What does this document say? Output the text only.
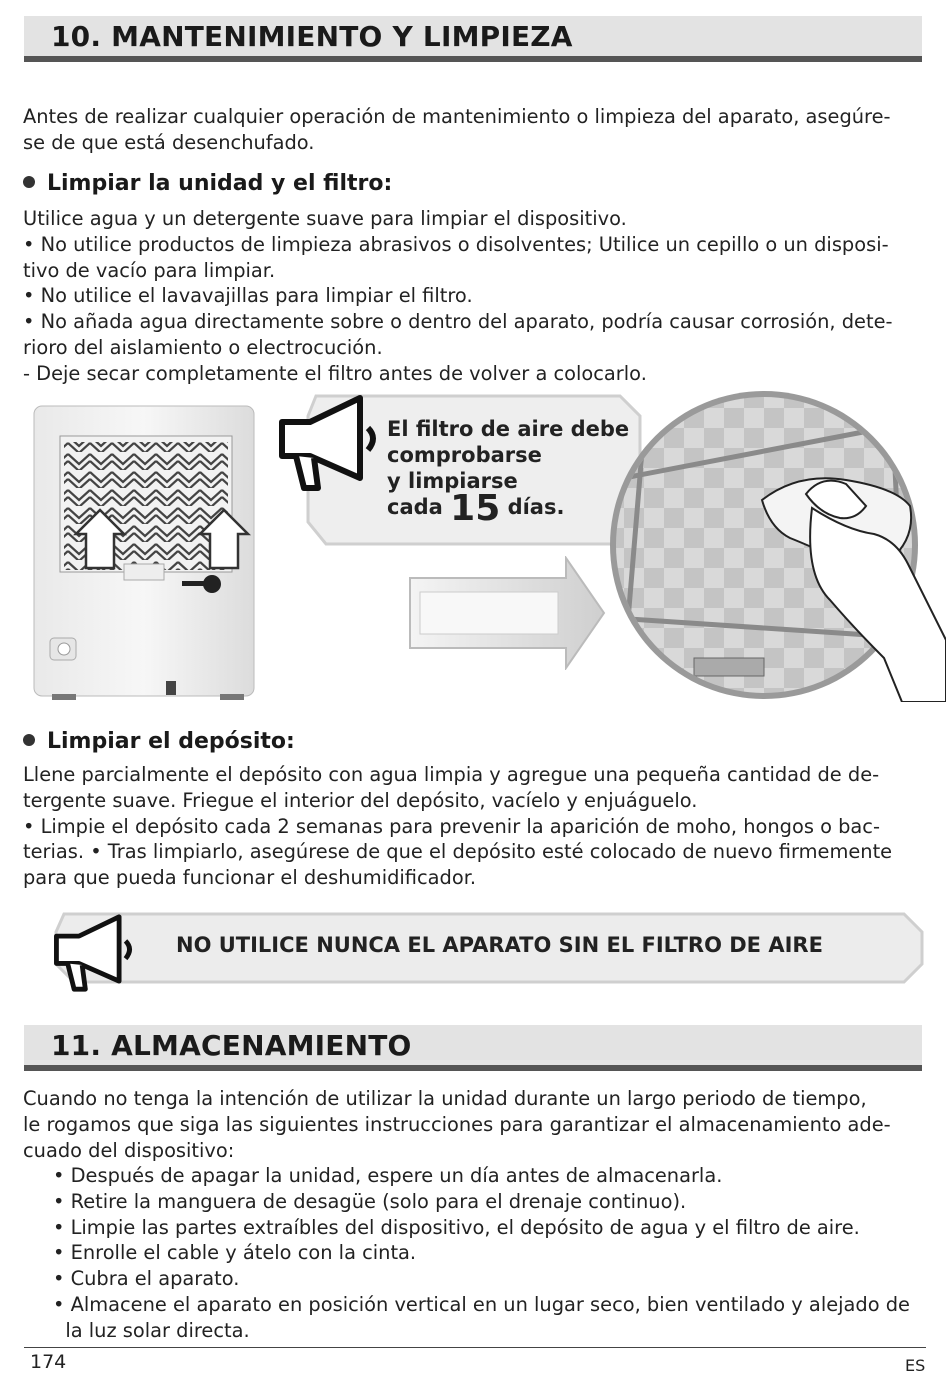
10. MANTENIMIENTO Y LIMPIEZA
Antes de realizar cualquier operación de mantenimiento o limpieza del aparato, asegúre-
se de que está desenchufado.
Limpiar la unidad y el filtro:
Utilice agua y un detergente suave para limpiar el dispositivo.
• No utilice productos de limpieza abrasivos o disolventes; Utilice un cepillo o un disposi-
tivo de vacío para limpiar.
• No utilice el lavavajillas para limpiar el filtro.
• No añada agua directamente sobre o dentro del aparato, podría causar corrosión, dete-
rioro del aislamiento o electrocución.
- Deje secar completamente el filtro antes de volver a colocarlo.
El filtro de aire debe
comprobarse
y limpiarse
cada 15 días.
Limpiar el depósito:
Llene parcialmente el depósito con agua limpia y agregue una pequeña cantidad de de-
tergente suave. Friegue el interior del depósito, vacíelo y enjuáguelo.
• Limpie el depósito cada 2 semanas para prevenir la aparición de moho, hongos o bac-
terias. • Tras limpiarlo, asegúrese de que el depósito esté colocado de nuevo firmemente
para que pueda funcionar el deshumidificador.
NO UTILICE NUNCA EL APARATO SIN EL FILTRO DE AIRE
11. ALMACENAMIENTO
Cuando no tenga la intención de utilizar la unidad durante un largo periodo de tiempo,
le rogamos que siga las siguientes instrucciones para garantizar el almacenamiento ade-
cuado del dispositivo:
• Después de apagar la unidad, espere un día antes de almacenarla.
• Retire la manguera de desagüe (solo para el drenaje continuo).
• Limpie las partes extraíbles del dispositivo, el depósito de agua y el filtro de aire.
• Enrolle el cable y átelo con la cinta.
• Cubra el aparato.
• Almacene el aparato en posición vertical en un lugar seco, bien ventilado y alejado de
la luz solar directa.
174	ES
